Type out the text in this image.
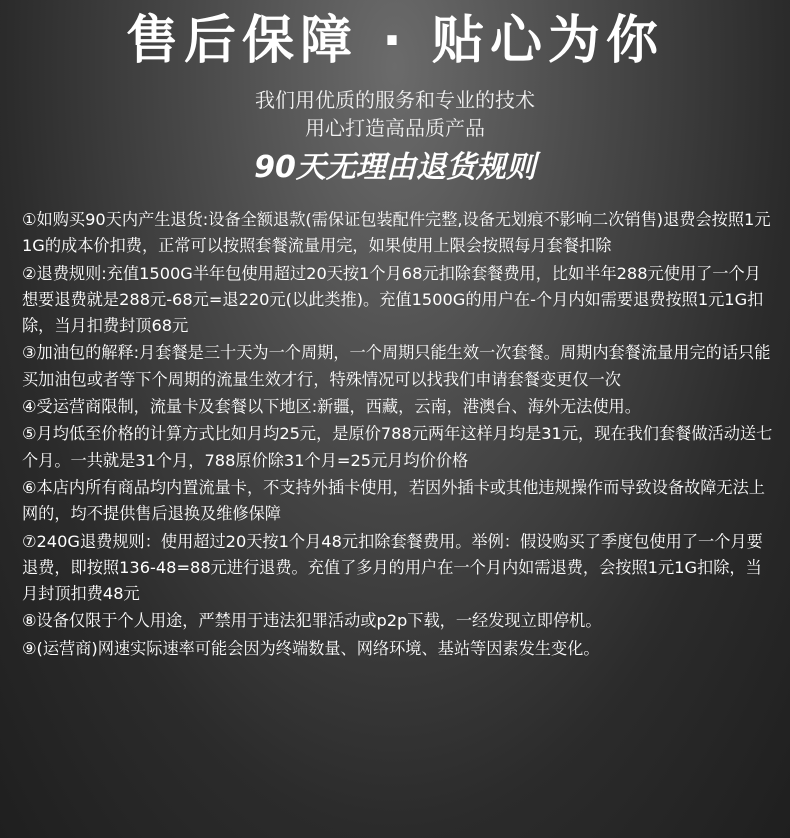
售后保障 · 贴心为你
我们用优质的服务和专业的技术
用心打造高品质产品
90天无理由退货规则

①如购买90天内产生退货:设备全额退款(需保证包装配件完整,设备无划痕不影响二次销售)退费会按照1元1G的成本价扣费，正常可以按照套餐流量用完，如果使用上限会按照每月套餐扣除

②退费规则:充值1500G半年包使用超过20天按1个月68元扣除套餐费用，比如半年288元使用了一个月想要退费就是288元-68元=退220元(以此类推)。充值1500G的用户在-个月内如需要退费按照1元1G扣除，当月扣费封顶68元

③加油包的解释:月套餐是三十天为一个周期，一个周期只能生效一次套餐。周期内套餐流量用完的话只能买加油包或者等下个周期的流量生效才行，特殊情况可以找我们申请套餐变更仅一次

④受运营商限制，流量卡及套餐以下地区:新疆，西藏，云南，港澳台、海外无法使用。

⑤月均低至价格的计算方式比如月均25元，是原价788元两年这样月均是31元，现在我们套餐做活动送七个月。一共就是31个月，788原价除31个月=25元月均价价格

⑥本店内所有商品均内置流量卡，不支持外插卡使用，若因外插卡或其他违规操作而导致设备故障无法上网的，均不提供售后退换及维修保障

⑦240G退费规则：使用超过20天按1个月48元扣除套餐费用。举例：假设购买了季度包使用了一个月要退费，即按照136-48=88元进行退费。充值了多月的用户在一个月内如需退费，会按照1元1G扣除，当月封顶扣费48元

⑧设备仅限于个人用途，严禁用于违法犯罪活动或p2p下载，一经发现立即停机。

⑨(运营商)网速实际速率可能会因为终端数量、网络环境、基站等因素发生变化。
